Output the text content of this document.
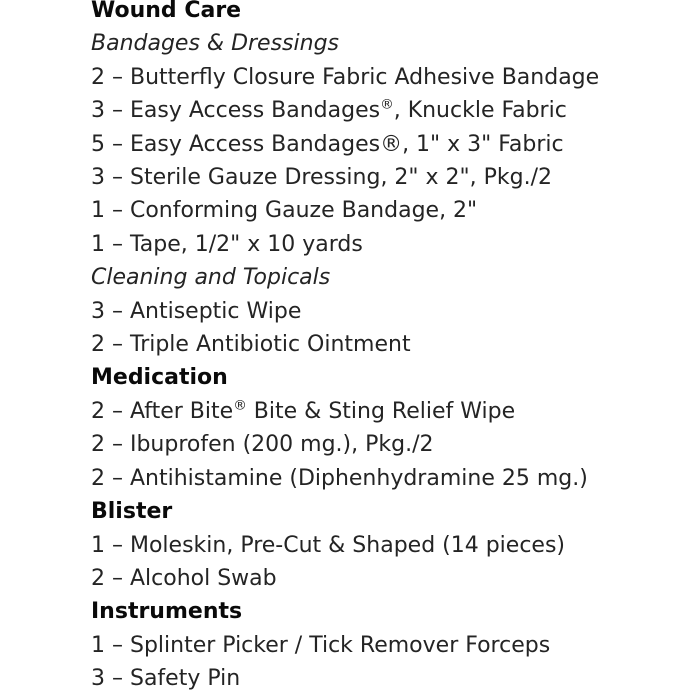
Wound Care

Bandages & Dressings

2 – Butterfly Closure Fabric Adhesive Bandage

3 – Easy Access Bandages®, Knuckle Fabric

5 – Easy Access Bandages®, 1" x 3" Fabric

3 – Sterile Gauze Dressing, 2" x 2", Pkg./2

1 – Conforming Gauze Bandage, 2"

1 – Tape, 1/2" x 10 yards

Cleaning and Topicals

3 – Antiseptic Wipe

2 – Triple Antibiotic Ointment

Medication

2 – After Bite® Bite & Sting Relief Wipe

2 – Ibuprofen (200 mg.), Pkg./2

2 – Antihistamine (Diphenhydramine 25 mg.)

Blister

1 – Moleskin, Pre-Cut & Shaped (14 pieces)

2 – Alcohol Swab

Instruments

1 – Splinter Picker / Tick Remover Forceps

3 – Safety Pin
